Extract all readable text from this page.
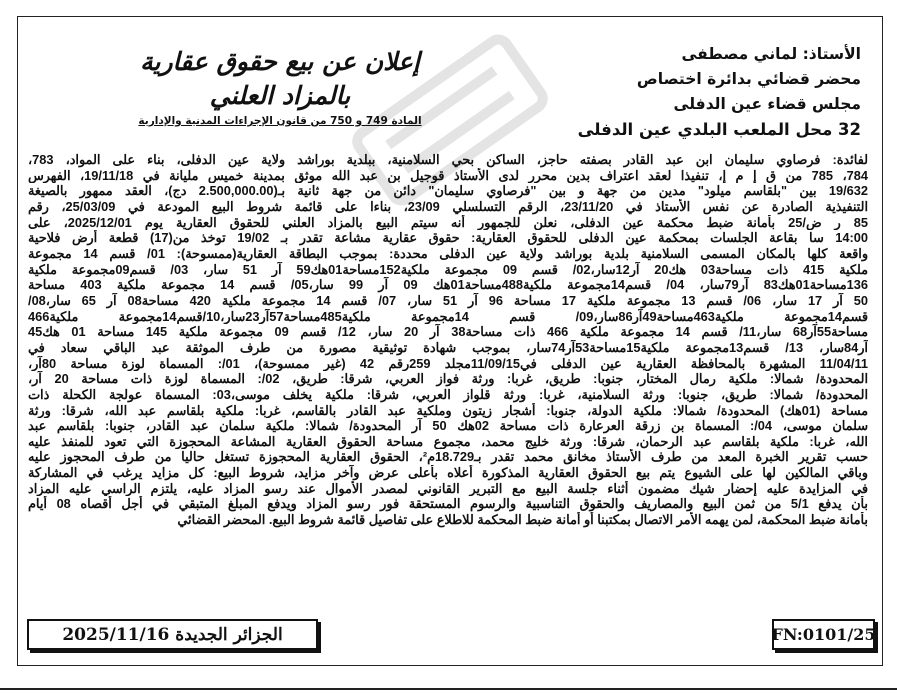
الأستاذ: لماني مصطفى
محضر قضائي بدائرة اختصاص
مجلس قضاء عين الدفلى
32 محل الملعب البلدي عين الدفلى
إعلان عن بيع حقوق عقارية
بالمزاد العلني
المادة 749 و 750 من قانون الإجراءات المدنية والإدارية
لفائدة: فرصاوي سليمان ابن عبد القادر بصفته حاجز، الساكن بحي السلامنية، ببلدية بوراشد ولاية عين الدفلى، بناء على المواد، 783،
784، 785 من ق إ م إ، تنفيذا لعقد اعتراف بدين محرر لدى الأستاذ قوجيل بن عبد الله موثق بمدينة خميس مليانة في 19/11/18، الفهرس
19/632 بين "بلقاسم ميلود" مدين من جهة و بين "فرصاوي سليمان" دائن من جهة ثانية بـ(2.500,000.00 دج)، العقد ممهور بالصيغة
التنفيذية الصادرة عن نفس الأستاذ في 23/11/20، الرقم التسلسلي 23/09، بناءا على قائمة شروط البيع المودعة في 25/03/09، رقم
85 ر ض/25 بأمانة ضبط محكمة عين الدفلى، نعلن للجمهور أنه سيتم البيع بالمزاد العلني للحقوق العقارية يوم 2025/12/01، على
14:00 سا بقاعة الجلسات بمحكمة عين الدفلى للحقوق العقارية: حقوق عقارية مشاعة تقدر بـ 19/02 توخذ من(17) قطعة أرض فلاحية
واقعة كلها بالمكان المسمى السلامنية بلدية بوراشد ولاية عين الدفلى محددة: بموجب البطاقة العقارية(ممسوحة): 01/ قسم 14 مجموعة
ملكية 415 ذات مساحة03 هك20 آر12سار،02/ قسم 09 مجموعة ملكية152مساحة01هك59 آر 51 سار، 03/ قسم09مجموعة ملكية
136مساحة01هك83 آر79سار، 04/ قسم14مجموعة ملكية488مساحة01هك 09 آر 99 سار،05/ قسم 14 مجموعة ملكية 403 مساحة
50 آر 17 سار، 06/ قسم 13 مجموعة ملكية 17 مساحة 96 آر 51 سار، 07/ قسم 14 مجموعة ملكية 420 مساحة08 آر 65 سار،08/
قسم14مجموعة ملكية463مساحة49آر86سار،09/ قسم 14مجموعة ملكية485مساحة57آر23سار،10/قسم14مجموعة ملكية466
مساحة55آر68 سار،11/ قسم 14 مجموعة ملكية 466 ذات مساحة38 آر 20 سار، 12/ قسم 09 مجموعة ملكية 145 مساحة 01 هك45
آر84سار، 13/ قسم13مجموعة ملكية15مساحة53آر74سار، بموجب شهادة توثيقية مصورة من طرف الموثقة عبد الباقي سعاد في
11/04/11 المشهرة بالمحافظة العقارية عين الدفلى في11/09/15مجلد 259رقم 42 (غير ممسوحة)، 01/: المسماة لوزة مساحة 80آر،
المحدودة/ شمالا: ملكية رمال المختار، جنوبا: طريق، غربا: ورثة فواز العربي، شرقا: طريق، 02/: المسماة لوزة ذات مساحة 20 آر،
المحدودة/ شمالا: طريق، جنوبا: ورثة السلامنية، غربا: ورثة قلواز العربي، شرقا: ملكية يخلف موسى،03: المسماة عولجة الكحلة ذات
مساحة (01هك) المحدودة/ شمالا: ملكية الدولة، جنوبا: أشجار زيتون وملكية عبد القادر بالقاسم، غربا: ملكية بلقاسم عبد الله، شرقا: ورثة
سلمان موسى، 04/: المسماة بن زرقة العرعارة ذات مساحة 02هك 50 آر المحدودة/ شمالا: ملكية سلمان عبد القادر، جنوبا: بلقاسم عبد
الله، غربا: ملكية بلقاسم عبد الرحمان، شرقا: ورثة خليج محمد، مجموع مساحة الحقوق العقارية المشاعة المحجوزة التي تعود للمنفذ عليه
حسب تقرير الخبرة المعد من طرف الأستاذ مخانق محمد تقدر بـ18.729م²، الحقوق العقارية المحجوزة تستغل حاليا من طرف المحجوز عليه
وباقي المالكين لها على الشيوع يتم بيع الحقوق العقارية المذكورة أعلاه بأعلى عرض وآخر مزايد، شروط البيع: كل مزايد يرغب في المشاركة
في المزايدة عليه إحضار شيك مضمون أثناء جلسة البيع مع التبرير القانوني لمصدر الأموال عند رسو المزاد عليه، يلتزم الراسي عليه المزاد
بأن يدفع 5/1 من ثمن البيع والمصاريف والحقوق التناسبية والرسوم المستحقة فور رسو المزاد ويدفع المبلغ المتبقي في أجل أقصاه 08 أيام
بأمانة ضبط المحكمة، لمن يهمه الأمر الاتصال بمكتبنا أو أمانة ضبط المحكمة للاطلاع على تفاصيل قائمة شروط البيع. المحضر القضائي
الجزائر الجديدة 2025/11/16	FN:0101/25
